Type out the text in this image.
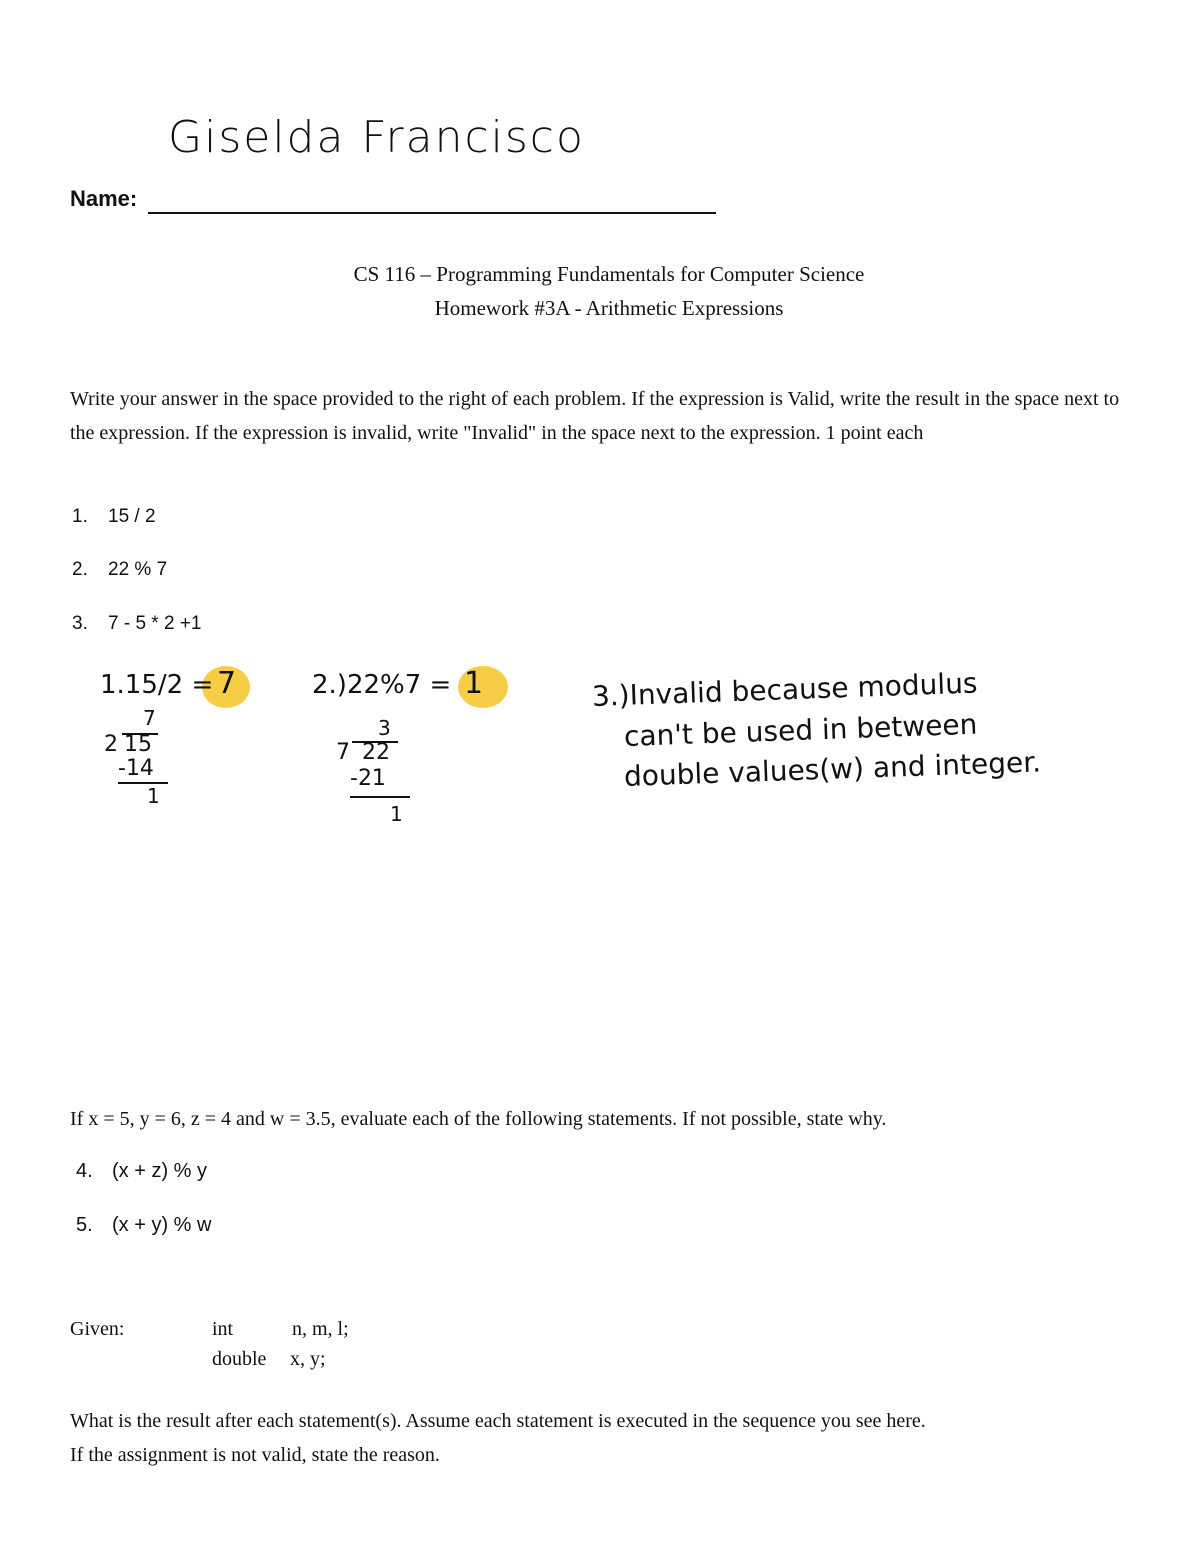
Giselda Francisco
Name:
CS 116 – Programming Fundamentals for Computer Science
Homework #3A - Arithmetic Expressions
Write your answer in the space provided to the right of each problem. If the expression is Valid, write the result in the space next to the expression. If the expression is invalid, write "Invalid" in the space next to the expression. 1 point each
1. 15 / 2
2. 22 % 7
3. 7 - 5 * 2 +1
1.15/2 = 7
7
2 15
-14
1
2.)22%7 = 1
3
7 22
-21
1
3.)Invalid because modulus
can't be used in between
double values(w) and integer.
If x = 5, y = 6, z = 4 and w = 3.5, evaluate each of the following statements. If not possible, state why.
4. (x + z) % y
5. (x + y) % w
Given:	int	n, m, l;
double x, y;
What is the result after each statement(s). Assume each statement is executed in the sequence you see here.
If the assignment is not valid, state the reason.
